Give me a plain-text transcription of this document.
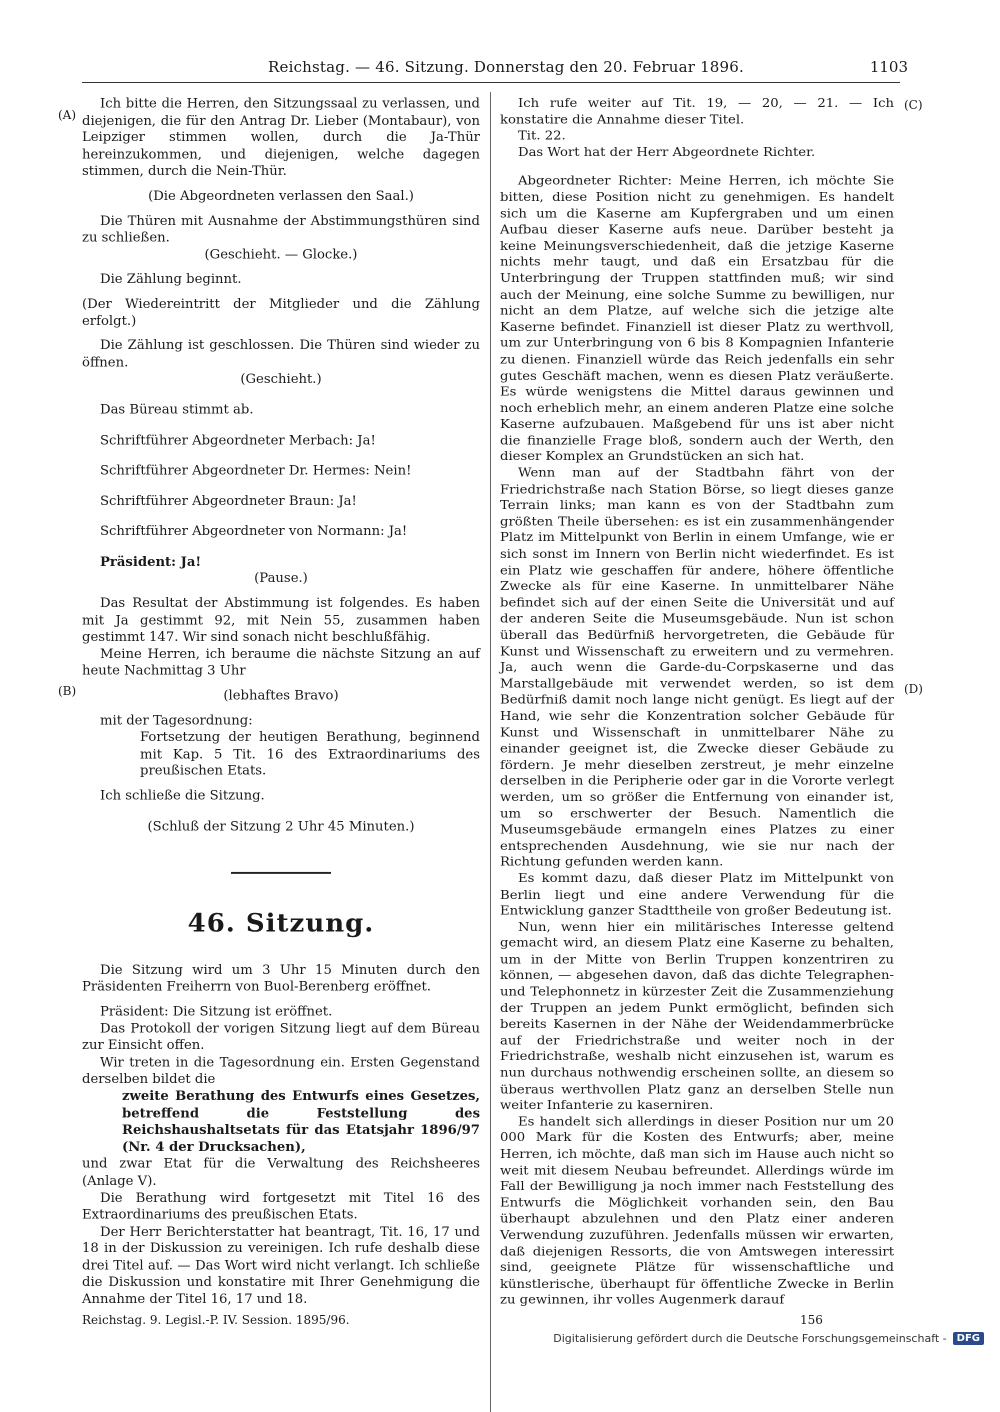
Reichstag. — 46. Sitzung. Donnerstag den 20. Februar 1896.	1103
(A)
(B)
(C)
(D)

Ich bitte die Herren, den Sitzungssaal zu verlassen, und diejenigen, die für den Antrag Dr. Lieber (Montabaur), von Leipziger stimmen wollen, durch die Ja-Thür hereinzukommen, und diejenigen, welche dagegen stimmen, durch die Nein-Thür.

(Die Abgeordneten verlassen den Saal.)

Die Thüren mit Ausnahme der Abstimmungsthüren sind zu schließen.

(Geschieht. — Glocke.)

Die Zählung beginnt.

(Der Wiedereintritt der Mitglieder und die Zählung erfolgt.)

Die Zählung ist geschlossen. Die Thüren sind wieder zu öffnen.

(Geschieht.)

Das Büreau stimmt ab.

Schriftführer Abgeordneter Merbach: Ja!

Schriftführer Abgeordneter Dr. Hermes: Nein!

Schriftführer Abgeordneter Braun: Ja!

Schriftführer Abgeordneter von Normann: Ja!

Präsident: Ja!

(Pause.)

Das Resultat der Abstimmung ist folgendes. Es haben mit Ja gestimmt 92, mit Nein 55, zusammen haben gestimmt 147. Wir sind sonach nicht beschlußfähig.

Meine Herren, ich beraume die nächste Sitzung an auf heute Nachmittag 3 Uhr

(lebhaftes Bravo)

mit der Tagesordnung:

Fortsetzung der heutigen Berathung, beginnend mit Kap. 5 Tit. 16 des Extraordinariums des preußischen Etats.

Ich schließe die Sitzung.

(Schluß der Sitzung 2 Uhr 45 Minuten.)

46. Sitzung.

Die Sitzung wird um 3 Uhr 15 Minuten durch den Präsidenten Freiherrn von Buol-Berenberg eröffnet.

Präsident: Die Sitzung ist eröffnet.

Das Protokoll der vorigen Sitzung liegt auf dem Büreau zur Einsicht offen.

Wir treten in die Tagesordnung ein. Ersten Gegenstand derselben bildet die

zweite Berathung des Entwurfs eines Gesetzes, betreffend die Feststellung des Reichshaushaltsetats für das Etatsjahr 1896/97 (Nr. 4 der Drucksachen),

und zwar Etat für die Verwaltung des Reichsheeres (Anlage V).

Die Berathung wird fortgesetzt mit Titel 16 des Extraordinariums des preußischen Etats.

Der Herr Berichterstatter hat beantragt, Tit. 16, 17 und 18 in der Diskussion zu vereinigen. Ich rufe deshalb diese drei Titel auf. — Das Wort wird nicht verlangt. Ich schließe die Diskussion und konstatire mit Ihrer Genehmigung die Annahme der Titel 16, 17 und 18.

Ich rufe weiter auf Tit. 19, — 20, — 21. — Ich konstatire die Annahme dieser Titel.

Tit. 22.

Das Wort hat der Herr Abgeordnete Richter.

Abgeordneter Richter: Meine Herren, ich möchte Sie bitten, diese Position nicht zu genehmigen. Es handelt sich um die Kaserne am Kupfergraben und um einen Aufbau dieser Kaserne aufs neue. Darüber besteht ja keine Meinungsverschiedenheit, daß die jetzige Kaserne nichts mehr taugt, und daß ein Ersatzbau für die Unterbringung der Truppen stattfinden muß; wir sind auch der Meinung, eine solche Summe zu bewilligen, nur nicht an dem Platze, auf welche sich die jetzige alte Kaserne befindet. Finanziell ist dieser Platz zu werthvoll, um zur Unterbringung von 6 bis 8 Kompagnien Infanterie zu dienen. Finanziell würde das Reich jedenfalls ein sehr gutes Geschäft machen, wenn es diesen Platz veräußerte. Es würde wenigstens die Mittel daraus gewinnen und noch erheblich mehr, an einem anderen Platze eine solche Kaserne aufzubauen. Maßgebend für uns ist aber nicht die finanzielle Frage bloß, sondern auch der Werth, den dieser Komplex an Grundstücken an sich hat.

Wenn man auf der Stadtbahn fährt von der Friedrichstraße nach Station Börse, so liegt dieses ganze Terrain links; man kann es von der Stadtbahn zum größten Theile übersehen: es ist ein zusammenhängender Platz im Mittelpunkt von Berlin in einem Umfange, wie er sich sonst im Innern von Berlin nicht wiederfindet. Es ist ein Platz wie geschaffen für andere, höhere öffentliche Zwecke als für eine Kaserne. In unmittelbarer Nähe befindet sich auf der einen Seite die Universität und auf der anderen Seite die Museumsgebäude. Nun ist schon überall das Bedürfniß hervorgetreten, die Gebäude für Kunst und Wissenschaft zu erweitern und zu vermehren. Ja, auch wenn die Garde-du-Corpskaserne und das Marstallgebäude mit verwendet werden, so ist dem Bedürfniß damit noch lange nicht genügt. Es liegt auf der Hand, wie sehr die Konzentration solcher Gebäude für Kunst und Wissenschaft in unmittelbarer Nähe zu einander geeignet ist, die Zwecke dieser Gebäude zu fördern. Je mehr dieselben zerstreut, je mehr einzelne derselben in die Peripherie oder gar in die Vororte verlegt werden, um so größer die Entfernung von einander ist, um so erschwerter der Besuch. Namentlich die Museumsgebäude ermangeln eines Platzes zu einer entsprechenden Ausdehnung, wie sie nur nach der Richtung gefunden werden kann.

Es kommt dazu, daß dieser Platz im Mittelpunkt von Berlin liegt und eine andere Verwendung für die Entwicklung ganzer Stadttheile von großer Bedeutung ist.

Nun, wenn hier ein militärisches Interesse geltend gemacht wird, an diesem Platz eine Kaserne zu behalten, um in der Mitte von Berlin Truppen konzentriren zu können, — abgesehen davon, daß das dichte Telegraphen- und Telephonnetz in kürzester Zeit die Zusammenziehung der Truppen an jedem Punkt ermöglicht, befinden sich bereits Kasernen in der Nähe der Weidendammerbrücke auf der Friedrichstraße und weiter noch in der Friedrichstraße, weshalb nicht einzusehen ist, warum es nun durchaus nothwendig erscheinen sollte, an diesem so überaus werthvollen Platz ganz an derselben Stelle nun weiter Infanterie zu kaserniren.

Es handelt sich allerdings in dieser Position nur um 20 000 Mark für die Kosten des Entwurfs; aber, meine Herren, ich möchte, daß man sich im Hause auch nicht so weit mit diesem Neubau befreundet. Allerdings würde im Fall der Bewilligung ja noch immer nach Feststellung des Entwurfs die Möglichkeit vorhanden sein, den Bau überhaupt abzulehnen und den Platz einer anderen Verwendung zuzuführen. Jedenfalls müssen wir erwarten, daß diejenigen Ressorts, die von Amtswegen interessirt sind, geeignete Plätze für wissenschaftliche und künstlerische, überhaupt für öffentliche Zwecke in Berlin zu gewinnen, ihr volles Augenmerk darauf

Reichstag. 9. Legisl.-P. IV. Session. 1895/96.	156
Digitalisierung gefördert durch die Deutsche Forschungsgemeinschaft -	DFG
